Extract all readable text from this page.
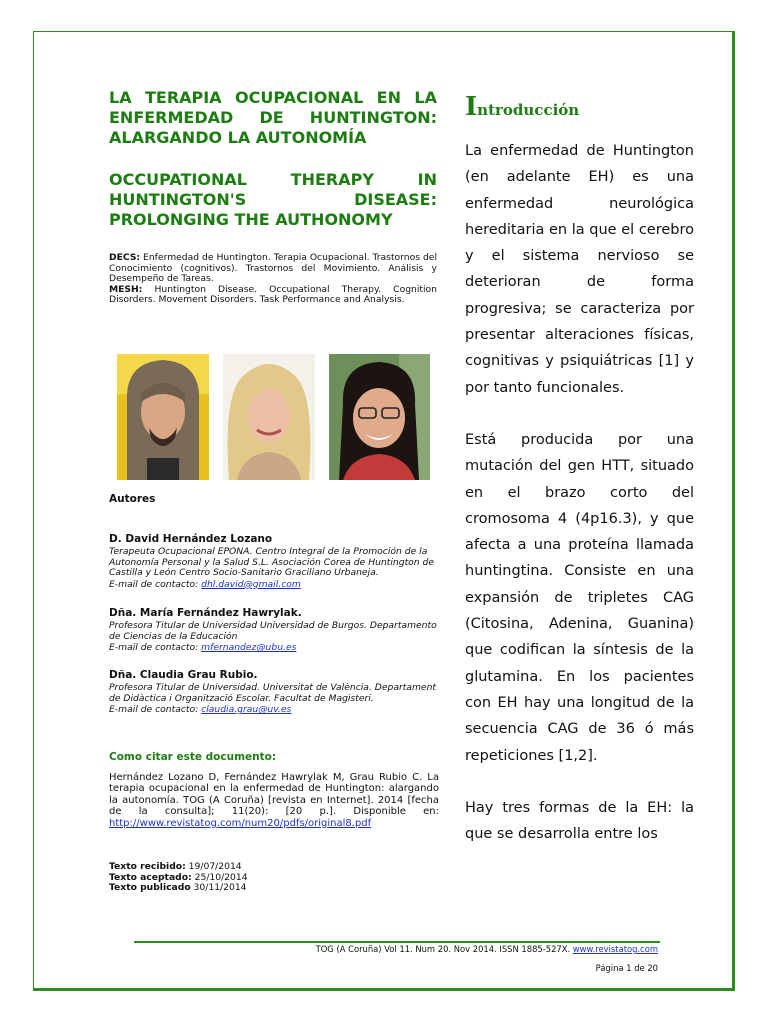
LA TERAPIA OCUPACIONAL EN LA ENFERMEDAD DE HUNTINGTON: ALARGANDO LA AUTONOMÍA
OCCUPATIONAL THERAPY IN HUNTINGTON'S DISEASE: PROLONGING THE AUTHONOMY

DECS: Enfermedad de Huntington. Terapia Ocupacional. Trastornos del Conocimiento (cognitivos). Trastornos del Movimiento. Análisis y Desempeño de Tareas.

MESH: Huntington Disease. Occupational Therapy. Cognition Disorders. Movement Disorders. Task Performance and Analysis.

Autores

D. David Hernández Lozano

Terapeuta Ocupacional EPONA. Centro Integral de la Promoción de la Autonomía Personal y la Salud S.L. Asociación Corea de Huntington de Castilla y León Centro Socio-Sanitario Graciliano Urbaneja.

E-mail de contacto: dhl.david@gmail.com

Dña. María Fernández Hawrylak.

Profesora Titular de Universidad Universidad de Burgos. Departamento de Ciencias de la Educación

E-mail de contacto: mfernandez@ubu.es

Dña. Claudia Grau Rubio.

Profesora Titular de Universidad. Universitat de València. Departament de Didàctica i Organització Escolar. Facultat de Magisteri.

E-mail de contacto: claudia.grau@uv.es

Como citar este documento:

Hernández Lozano D, Fernández Hawrylak M, Grau Rubio C. La terapia ocupacional en la enfermedad de Huntington: alargando la autonomía. TOG (A Coruña) [revista en Internet]. 2014 [fecha de la consulta]; 11(20): [20 p.]. Disponible en: http://www.revistatog.com/num20/pdfs/original8.pdf

Texto recibido: 19/07/2014

Texto aceptado: 25/10/2014

Texto publicado 30/11/2014

Introducción

La enfermedad de Huntington (en adelante EH) es una enfermedad neurológica hereditaria en la que el cerebro y el sistema nervioso se deterioran de forma progresiva; se caracteriza por presentar alteraciones físicas, cognitivas y psiquiátricas [1] y por tanto funcionales.

Está producida por una mutación del gen HTT, situado en el brazo corto del cromosoma 4 (4p16.3), y que afecta a una proteína llamada huntingtina. Consiste en una expansión de tripletes CAG (Citosina, Adenina, Guanina) que codifican la síntesis de la glutamina. En los pacientes con EH hay una longitud de la secuencia CAG de 36 ó más repeticiones [1,2].

Hay tres formas de la EH: la que se desarrolla entre los

TOG (A Coruña) Vol 11. Num 20. Nov 2014. ISSN 1885-527X. www.revistatog.com

Página 1 de 20
